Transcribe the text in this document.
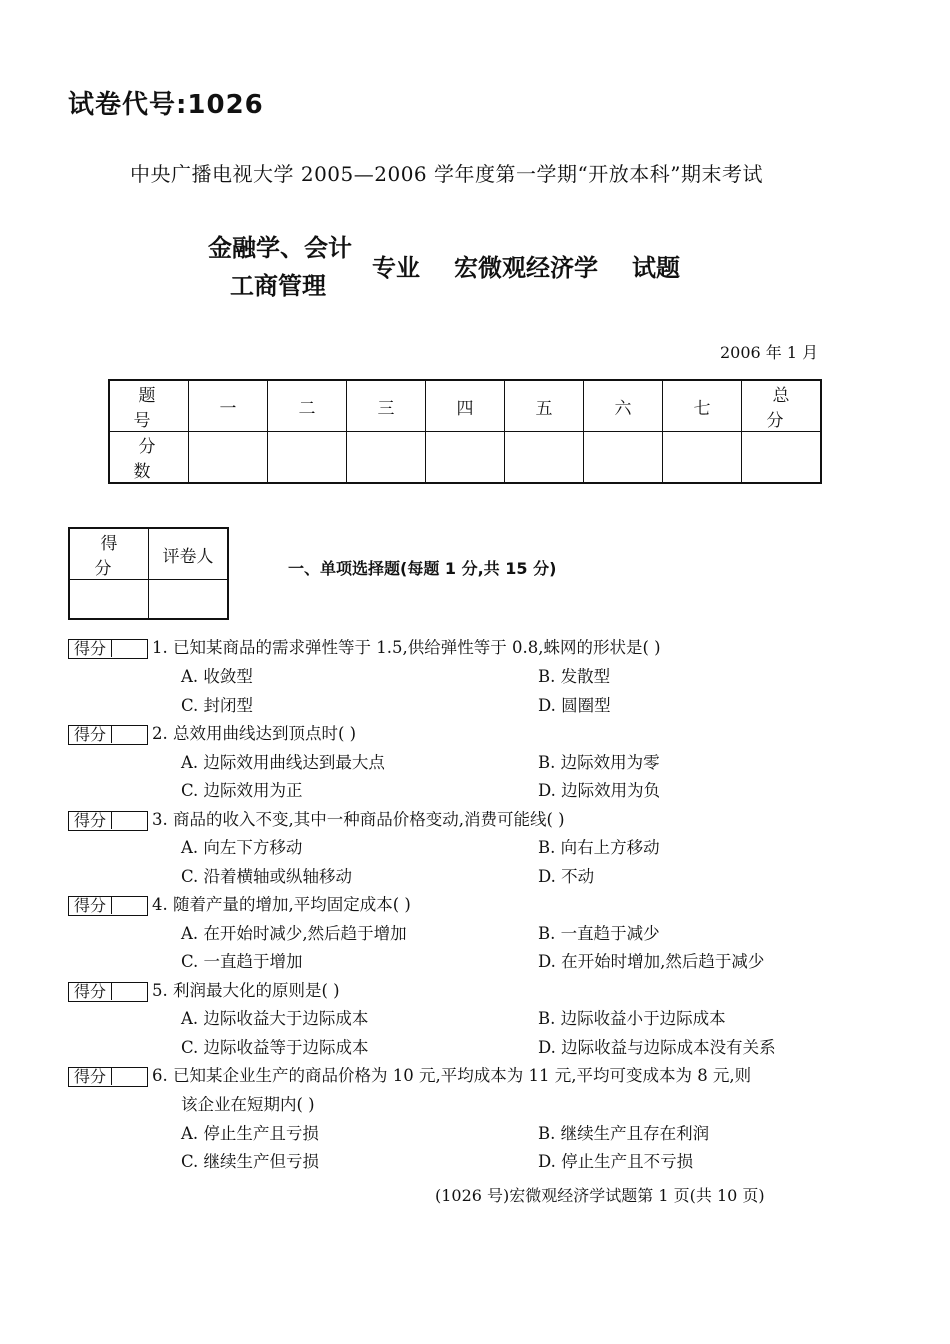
试卷代号:1026
中央广播电视大学 2005—2006 学年度第一学期“开放本科”期末考试
金融学、会计
工商管理
专业 宏微观经济学 试题
2006 年 1 月
题 号	一	二	三	四	五	六	七	总 分
分 数								
得 分	评卷人

一、单项选择题(每题 1 分,共 15 分)
得分	1. 已知某商品的需求弹性等于 1.5,供给弹性等于 0.8,蛛网的形状是( )
A. 收敛型	B. 发散型
C. 封闭型	D. 圆圈型
得分	2. 总效用曲线达到顶点时( )
A. 边际效用曲线达到最大点	B. 边际效用为零
C. 边际效用为正	D. 边际效用为负
得分	3. 商品的收入不变,其中一种商品价格变动,消费可能线( )
A. 向左下方移动	B. 向右上方移动
C. 沿着横轴或纵轴移动	D. 不动
得分	4. 随着产量的增加,平均固定成本( )
A. 在开始时减少,然后趋于增加	B. 一直趋于减少
C. 一直趋于增加	D. 在开始时增加,然后趋于减少
得分	5. 利润最大化的原则是( )
A. 边际收益大于边际成本	B. 边际收益小于边际成本
C. 边际收益等于边际成本	D. 边际收益与边际成本没有关系
得分	6. 已知某企业生产的商品价格为 10 元,平均成本为 11 元,平均可变成本为 8 元,则
该企业在短期内( )
A. 停止生产且亏损	B. 继续生产且存在利润
C. 继续生产但亏损	D. 停止生产且不亏损
(1026 号)宏微观经济学试题第 1 页(共 10 页)
